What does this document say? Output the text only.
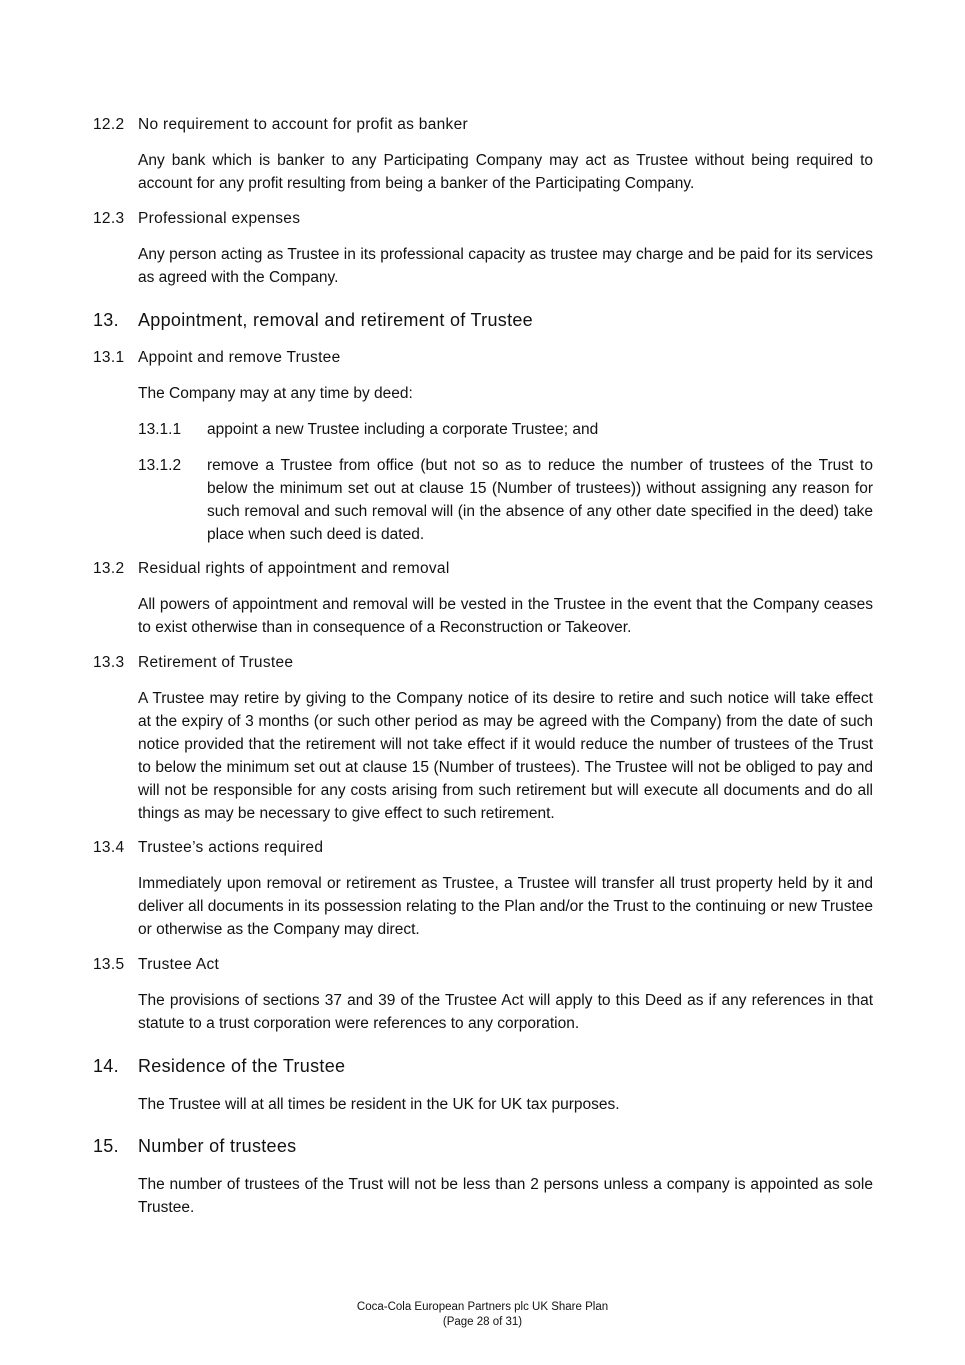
12.2 No requirement to account for profit as banker
Any bank which is banker to any Participating Company may act as Trustee without being required to account for any profit resulting from being a banker of the Participating Company.
12.3 Professional expenses
Any person acting as Trustee in its professional capacity as trustee may charge and be paid for its services as agreed with the Company.
13. Appointment, removal and retirement of Trustee
13.1 Appoint and remove Trustee
The Company may at any time by deed:
13.1.1 appoint a new Trustee including a corporate Trustee; and
13.1.2 remove a Trustee from office (but not so as to reduce the number of trustees of the Trust to below the minimum set out at clause 15 (Number of trustees)) without assigning any reason for such removal and such removal will (in the absence of any other date specified in the deed) take place when such deed is dated.
13.2 Residual rights of appointment and removal
All powers of appointment and removal will be vested in the Trustee in the event that the Company ceases to exist otherwise than in consequence of a Reconstruction or Takeover.
13.3 Retirement of Trustee
A Trustee may retire by giving to the Company notice of its desire to retire and such notice will take effect at the expiry of 3 months (or such other period as may be agreed with the Company) from the date of such notice provided that the retirement will not take effect if it would reduce the number of trustees of the Trust to below the minimum set out at clause 15 (Number of trustees). The Trustee will not be obliged to pay and will not be responsible for any costs arising from such retirement but will execute all documents and do all things as may be necessary to give effect to such retirement.
13.4 Trustee’s actions required
Immediately upon removal or retirement as Trustee, a Trustee will transfer all trust property held by it and deliver all documents in its possession relating to the Plan and/or the Trust to the continuing or new Trustee or otherwise as the Company may direct.
13.5 Trustee Act
The provisions of sections 37 and 39 of the Trustee Act will apply to this Deed as if any references in that statute to a trust corporation were references to any corporation.
14. Residence of the Trustee
The Trustee will at all times be resident in the UK for UK tax purposes.
15. Number of trustees
The number of trustees of the Trust will not be less than 2 persons unless a company is appointed as sole Trustee.
Coca-Cola European Partners plc UK Share Plan
(Page 28 of 31)
